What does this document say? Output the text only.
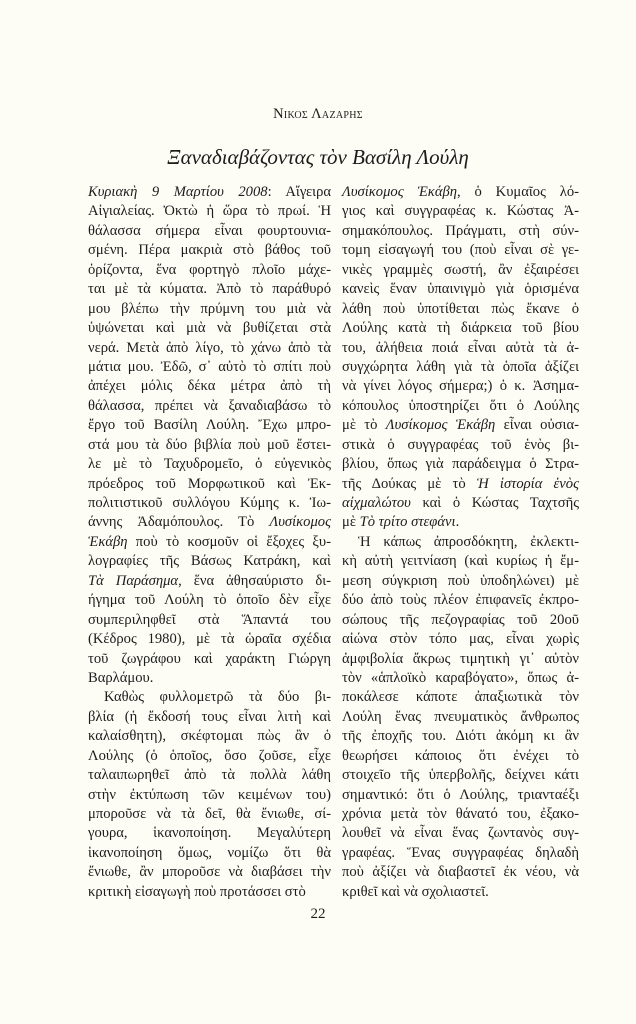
Νικος Λαζαρης
Ξαναδιαβάζοντας τὸν Βασίλη Λούλη
Κυριακὴ 9 Μαρτίου 2008: Αἴγειρα
Αἰγιαλείας. Ὀκτὼ ἡ ὥρα τὸ πρωί. Ἡ
θάλασσα σήμερα εἶναι φουρτουνια-
σμένη. Πέρα μακριὰ στὸ βάθος τοῦ
ὁρίζοντα, ἕνα φορτηγὸ πλοῖο μάχε-
ται μὲ τὰ κύματα. Ἀπὸ τὸ παράθυρό
μου βλέπω τὴν πρύμνη του μιὰ νὰ
ὑψώνεται καὶ μιὰ νὰ βυθίζεται στὰ
νερά. Μετὰ ἀπὸ λίγο, τὸ χάνω ἀπὸ τὰ
μάτια μου. Ἐδῶ, σ᾽ αὐτὸ τὸ σπίτι ποὺ
ἀπέχει μόλις δέκα μέτρα ἀπὸ τὴ
θάλασσα, πρέπει νὰ ξαναδιαβάσω τὸ
ἔργο τοῦ Βασίλη Λούλη. Ἔχω μπρο-
στά μου τὰ δύο βιβλία ποὺ μοῦ ἔστει-
λε μὲ τὸ Ταχυδρομεῖο, ὁ εὐγενικὸς
πρόεδρος τοῦ Μορφωτικοῦ καὶ Ἐκ-
πολιτιστικοῦ συλλόγου Κύμης κ. Ἰω-
άννης Ἀδαμόπουλος. Τὸ Λυσίκομος
Ἑκάβη ποὺ τὸ κοσμοῦν οἱ ἔξοχες ξυ-
λογραφίες τῆς Βάσως Κατράκη, καὶ
Τὰ Παράσημα, ἕνα ἀθησαύριστο δι-
ήγημα τοῦ Λούλη τὸ ὁποῖο δὲν εἶχε
συμπεριληφθεῖ στὰ Ἅπαντά του
(Κέδρος 1980), μὲ τὰ ὡραῖα σχέδια
τοῦ ζωγράφου καὶ χαράκτη Γιώργη
Βαρλάμου.
Καθὼς φυλλομετρῶ τὰ δύο βι-
βλία (ἡ ἔκδοσή τους εἶναι λιτὴ καὶ
καλαίσθητη), σκέφτομαι πὼς ἂν ὁ
Λούλης (ὁ ὁποῖος, ὅσο ζοῦσε, εἶχε
ταλαιπωρηθεῖ ἀπὸ τὰ πολλὰ λάθη
στὴν ἐκτύπωση τῶν κειμένων του)
μποροῦσε νὰ τὰ δεῖ, θὰ ἔνιωθε, σί-
γουρα, ἱκανοποίηση. Μεγαλύτερη
ἱκανοποίηση ὅμως, νομίζω ὅτι θὰ
ἔνιωθε, ἂν μποροῦσε νὰ διαβάσει τὴν
κριτικὴ εἰσαγωγὴ ποὺ προτάσσει στὸ
Λυσίκομος Ἑκάβη, ὁ Κυμαῖος λό-
γιος καὶ συγγραφέας κ. Κώστας Ἀ-
σημακόπουλος. Πράγματι, στὴ σύν-
τομη εἰσαγωγή του (ποὺ εἶναι σὲ γε-
νικὲς γραμμὲς σωστή, ἂν ἐξαιρέσει
κανεὶς ἕναν ὑπαινιγμὸ γιὰ ὁρισμένα
λάθη ποὺ ὑποτίθεται πὼς ἔκανε ὁ
Λούλης κατὰ τὴ διάρκεια τοῦ βίου
του, ἀλήθεια ποιά εἶναι αὐτὰ τὰ ἀ-
συγχώρητα λάθη γιὰ τὰ ὁποῖα ἀξίζει
νὰ γίνει λόγος σήμερα;) ὁ κ. Ἀσημα-
κόπουλος ὑποστηρίζει ὅτι ὁ Λούλης
μὲ τὸ Λυσίκομος Ἑκάβη εἶναι οὐσια-
στικὰ ὁ συγγραφέας τοῦ ἑνὸς βι-
βλίου, ὅπως γιὰ παράδειγμα ὁ Στρα-
τῆς Δούκας μὲ τὸ Ἡ ἱστορία ἑνὸς
αἰχμαλώτου καὶ ὁ Κώστας Ταχτσῆς
μὲ Τὸ τρίτο στεφάνι.
Ἡ κάπως ἀπροσδόκητη, ἐκλεκτι-
κὴ αὐτὴ γειτνίαση (καὶ κυρίως ἡ ἔμ-
μεση σύγκριση ποὺ ὑποδηλώνει) μὲ
δύο ἀπὸ τοὺς πλέον ἐπιφανεῖς ἐκπρο-
σώπους τῆς πεζογραφίας τοῦ 20οῦ
αἰώνα στὸν τόπο μας, εἶναι χωρὶς
ἀμφιβολία ἄκρως τιμητικὴ γι᾽ αὐτὸν
τὸν «ἁπλοϊκὸ καραβόγατο», ὅπως ἀ-
ποκάλεσε κάποτε ἀπαξιωτικὰ τὸν
Λούλη ἕνας πνευματικὸς ἄνθρωπος
τῆς ἐποχῆς του. Διότι ἀκόμη κι ἂν
θεωρήσει κάποιος ὅτι ἐνέχει τὸ
στοιχεῖο τῆς ὑπερβολῆς, δείχνει κάτι
σημαντικό: ὅτι ὁ Λούλης, τριανταέξι
χρόνια μετὰ τὸν θάνατό του, ἐξακο-
λουθεῖ νὰ εἶναι ἕνας ζωντανὸς συγ-
γραφέας. Ἕνας συγγραφέας δηλαδὴ
ποὺ ἀξίζει νὰ διαβαστεῖ ἐκ νέου, νὰ
κριθεῖ καὶ νὰ σχολιαστεῖ.
22
